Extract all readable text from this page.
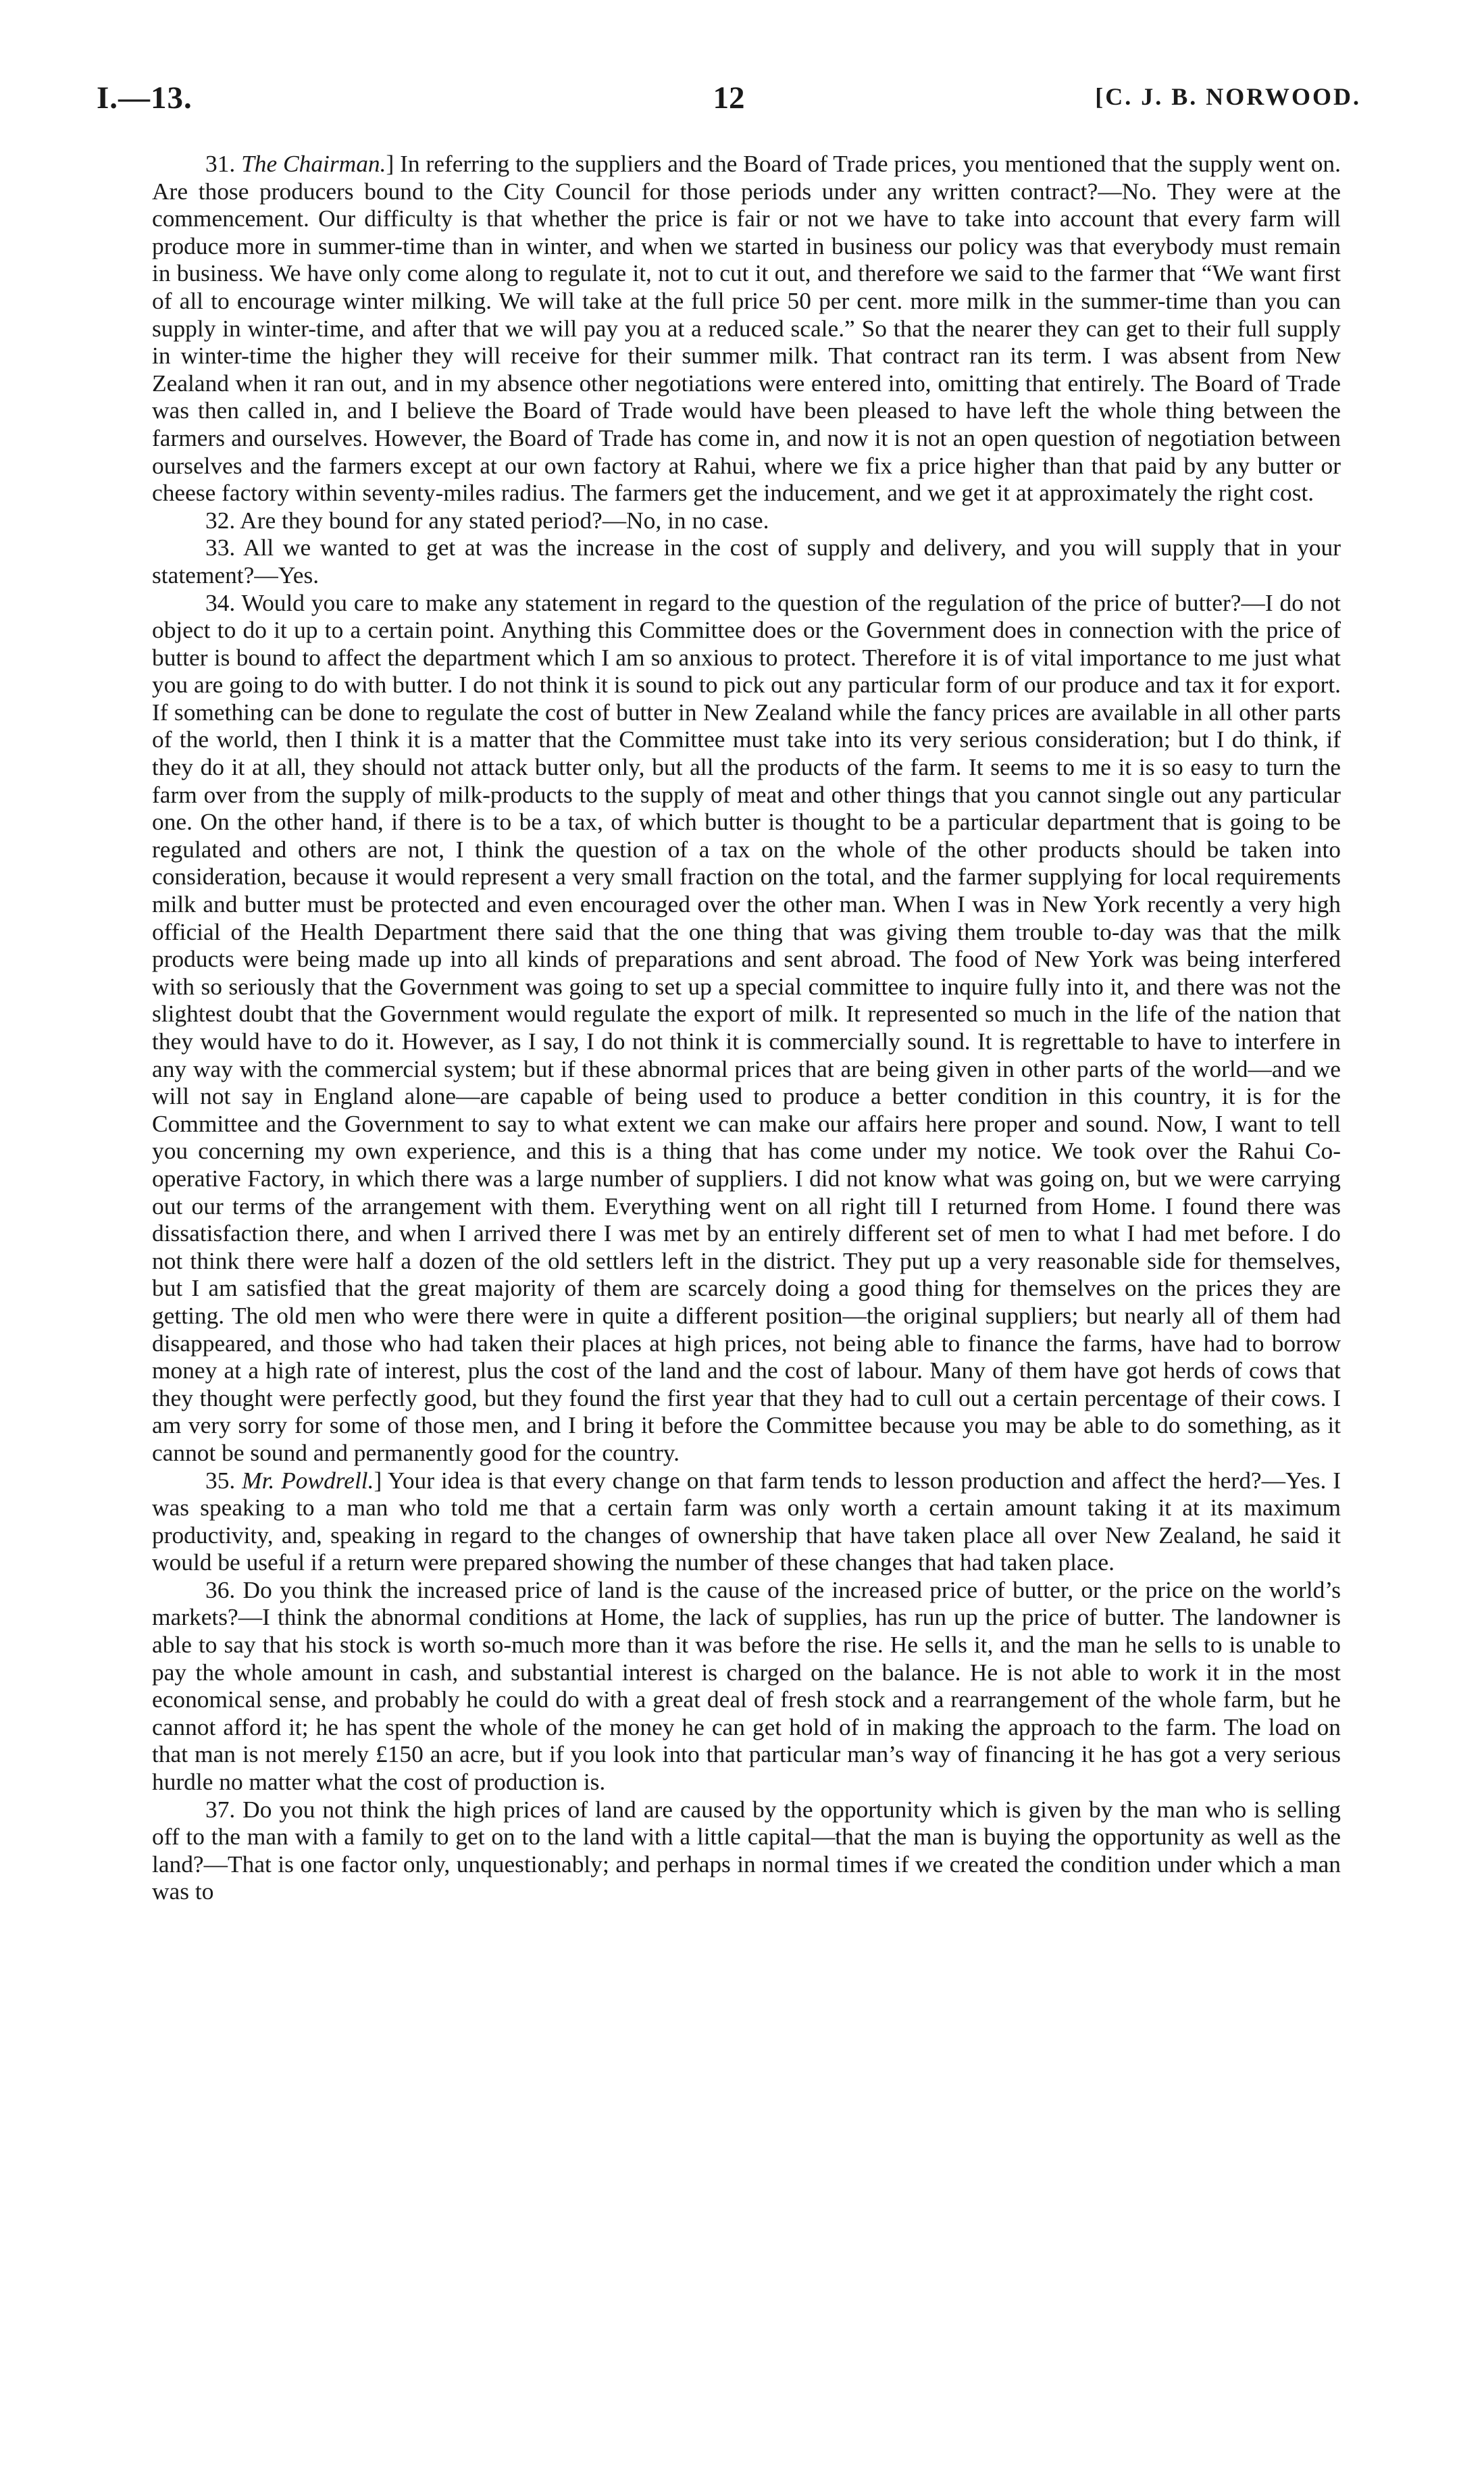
I.—13.	12	[C. J. B. NORWOOD.

31. The Chairman.] In referring to the suppliers and the Board of Trade prices, you mentioned that the supply went on. Are those producers bound to the City Council for those periods under any written contract?—No. They were at the commencement. Our difficulty is that whether the price is fair or not we have to take into account that every farm will produce more in summer-time than in winter, and when we started in business our policy was that everybody must remain in business. We have only come along to regulate it, not to cut it out, and therefore we said to the farmer that “We want first of all to encourage winter milking. We will take at the full price 50 per cent. more milk in the summer-time than you can supply in winter-time, and after that we will pay you at a reduced scale.” So that the nearer they can get to their full supply in winter-time the higher they will receive for their summer milk. That contract ran its term. I was absent from New Zealand when it ran out, and in my absence other negotiations were entered into, omitting that entirely. The Board of Trade was then called in, and I believe the Board of Trade would have been pleased to have left the whole thing between the farmers and ourselves. However, the Board of Trade has come in, and now it is not an open question of negotiation between ourselves and the farmers except at our own factory at Rahui, where we fix a price higher than that paid by any butter or cheese factory within seventy-miles radius. The farmers get the inducement, and we get it at approximately the right cost.

32. Are they bound for any stated period?—No, in no case.

33. All we wanted to get at was the increase in the cost of supply and delivery, and you will supply that in your statement?—Yes.

34. Would you care to make any statement in regard to the question of the regulation of the price of butter?—I do not object to do it up to a certain point. Anything this Committee does or the Government does in connection with the price of butter is bound to affect the department which I am so anxious to protect. Therefore it is of vital importance to me just what you are going to do with butter. I do not think it is sound to pick out any particular form of our produce and tax it for export. If something can be done to regulate the cost of butter in New Zealand while the fancy prices are available in all other parts of the world, then I think it is a matter that the Committee must take into its very serious consideration; but I do think, if they do it at all, they should not attack butter only, but all the products of the farm. It seems to me it is so easy to turn the farm over from the supply of milk-products to the supply of meat and other things that you cannot single out any particular one. On the other hand, if there is to be a tax, of which butter is thought to be a particular department that is going to be regulated and others are not, I think the question of a tax on the whole of the other products should be taken into consideration, because it would represent a very small fraction on the total, and the farmer supplying for local requirements milk and butter must be protected and even encouraged over the other man. When I was in New York recently a very high official of the Health Department there said that the one thing that was giving them trouble to-day was that the milk products were being made up into all kinds of preparations and sent abroad. The food of New York was being interfered with so seriously that the Government was going to set up a special committee to inquire fully into it, and there was not the slightest doubt that the Government would regulate the export of milk. It represented so much in the life of the nation that they would have to do it. However, as I say, I do not think it is commercially sound. It is regrettable to have to interfere in any way with the commercial system; but if these abnormal prices that are being given in other parts of the world—and we will not say in England alone—are capable of being used to produce a better condition in this country, it is for the Committee and the Government to say to what extent we can make our affairs here proper and sound. Now, I want to tell you concerning my own experience, and this is a thing that has come under my notice. We took over the Rahui Co-operative Factory, in which there was a large number of suppliers. I did not know what was going on, but we were carrying out our terms of the arrangement with them. Everything went on all right till I returned from Home. I found there was dissatisfaction there, and when I arrived there I was met by an entirely different set of men to what I had met before. I do not think there were half a dozen of the old settlers left in the district. They put up a very reasonable side for themselves, but I am satisfied that the great majority of them are scarcely doing a good thing for themselves on the prices they are getting. The old men who were there were in quite a different position—the original suppliers; but nearly all of them had disappeared, and those who had taken their places at high prices, not being able to finance the farms, have had to borrow money at a high rate of interest, plus the cost of the land and the cost of labour. Many of them have got herds of cows that they thought were perfectly good, but they found the first year that they had to cull out a certain percentage of their cows. I am very sorry for some of those men, and I bring it before the Committee because you may be able to do something, as it cannot be sound and permanently good for the country.

35. Mr. Powdrell.] Your idea is that every change on that farm tends to lesson production and affect the herd?—Yes. I was speaking to a man who told me that a certain farm was only worth a certain amount taking it at its maximum productivity, and, speaking in regard to the changes of ownership that have taken place all over New Zealand, he said it would be useful if a return were prepared showing the number of these changes that had taken place.

36. Do you think the increased price of land is the cause of the increased price of butter, or the price on the world’s markets?—I think the abnormal conditions at Home, the lack of supplies, has run up the price of butter. The landowner is able to say that his stock is worth so-much more than it was before the rise. He sells it, and the man he sells to is unable to pay the whole amount in cash, and substantial interest is charged on the balance. He is not able to work it in the most economical sense, and probably he could do with a great deal of fresh stock and a rearrangement of the whole farm, but he cannot afford it; he has spent the whole of the money he can get hold of in making the approach to the farm. The load on that man is not merely £150 an acre, but if you look into that particular man’s way of financing it he has got a very serious hurdle no matter what the cost of production is.

37. Do you not think the high prices of land are caused by the opportunity which is given by the man who is selling off to the man with a family to get on to the land with a little capital—that the man is buying the opportunity as well as the land?—That is one factor only, unquestionably; and perhaps in normal times if we created the condition under which a man was to
